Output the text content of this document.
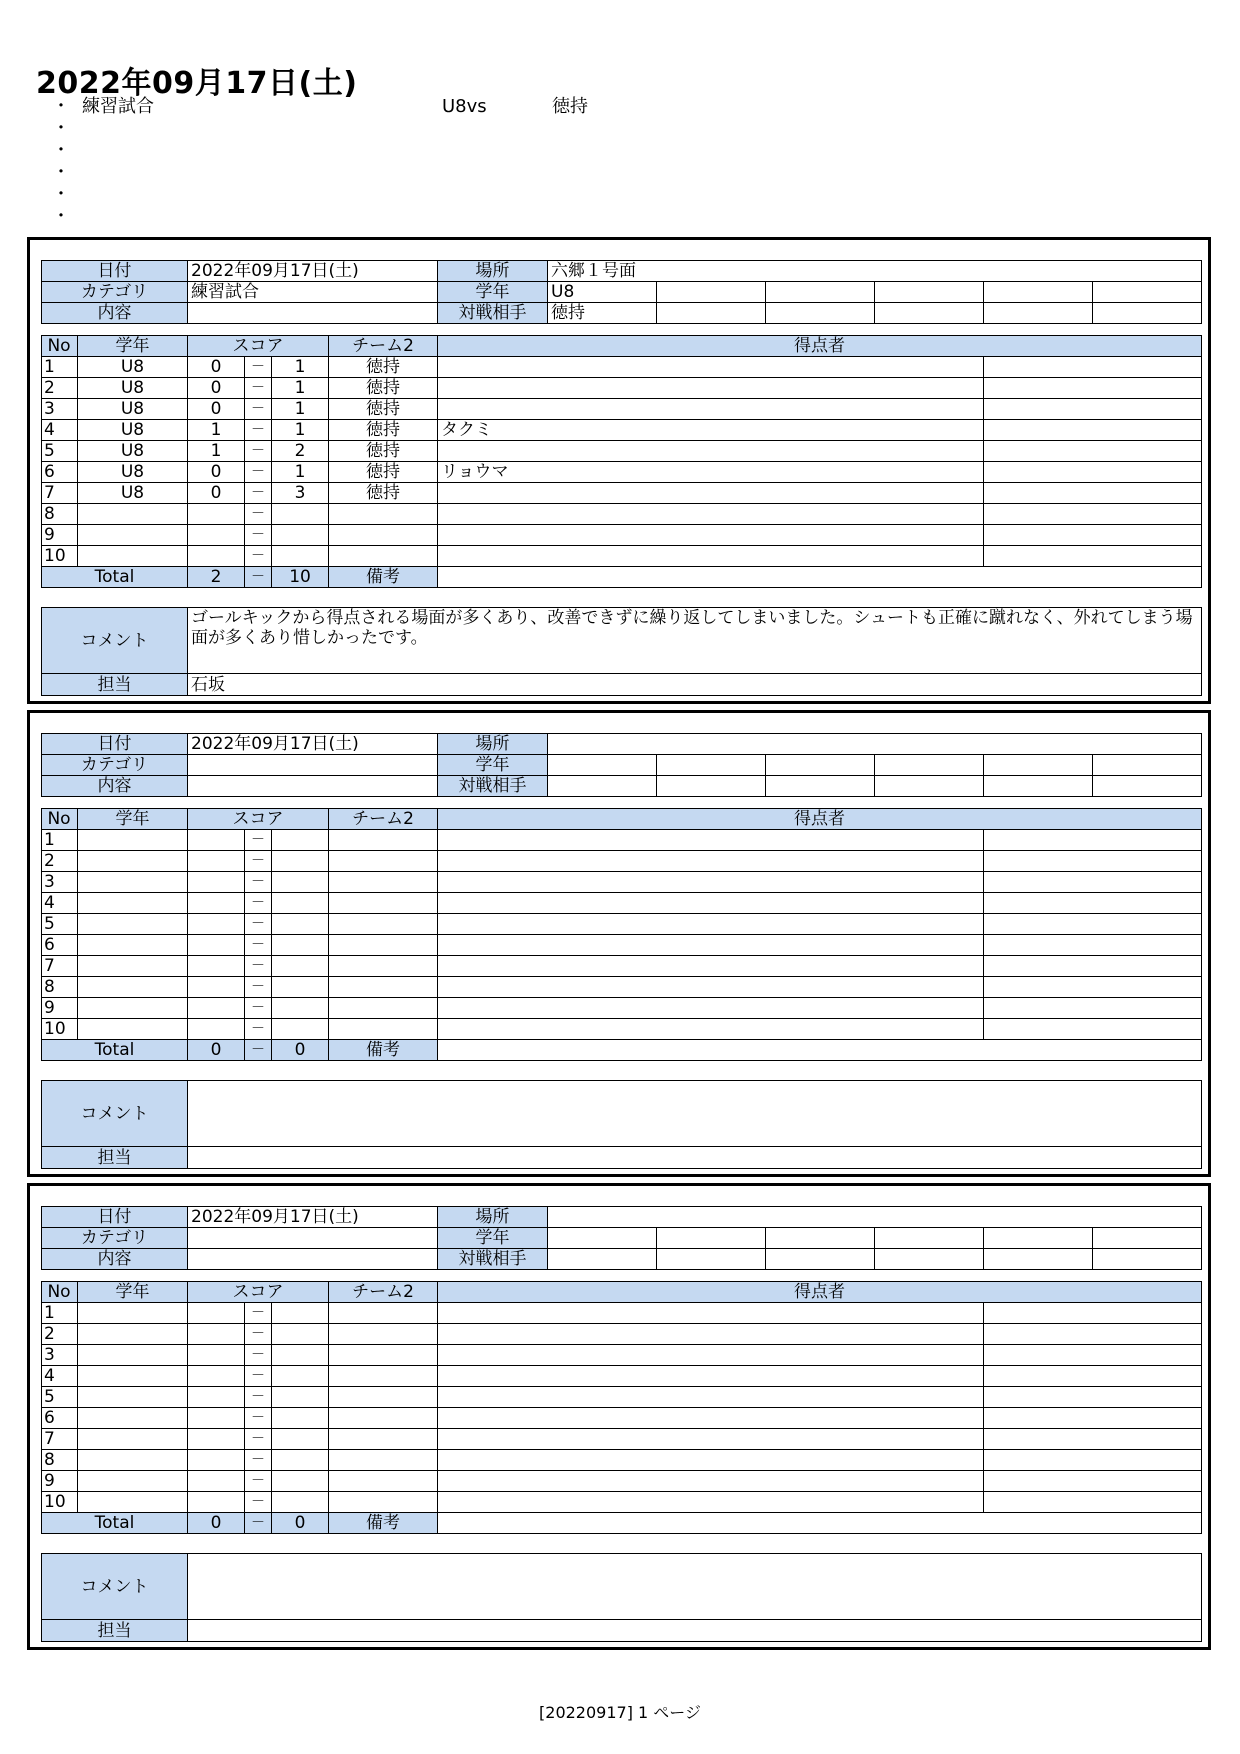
2022年09月17日(土)
・ 練習試合	U8vs	徳持
・
・
・
・
・
日付	2022年09月17日(土)	場所	六郷１号面					
カテゴリ	練習試合	学年	U8					
内容		対戦相手	徳持					
No	学年	スコア			チーム2	得点者	
1	U8	0	－	1	徳持		
2	U8	0	－	1	徳持		
3	U8	0	－	1	徳持		
4	U8	1	－	1	徳持	タクミ	
5	U8	1	－	2	徳持		
6	U8	0	－	1	徳持	リョウマ	
7	U8	0	－	3	徳持		
8			－				
9			－				
10			－				
Total		2	－	10	備考		
コメント	ゴールキックから得点される場面が多くあり、改善できずに繰り返してしまいました。シュートも正確に蹴れなく、外れてしまう場面が多くあり惜しかったです。
担当	石坂
日付	2022年09月17日(土)	場所						
カテゴリ		学年						
内容		対戦相手						
No	学年	スコア			チーム2	得点者	
1			－				
2			－				
3			－				
4			－				
5			－				
6			－				
7			－				
8			－				
9			－				
10			－				
Total		0	－	0	備考		
コメント	
担当	
日付	2022年09月17日(土)	場所						
カテゴリ		学年						
内容		対戦相手						
No	学年	スコア			チーム2	得点者	
1			－				
2			－				
3			－				
4			－				
5			－				
6			－				
7			－				
8			－				
9			－				
10			－				
Total		0	－	0	備考		
コメント	
担当	
[20220917] 1 ページ
